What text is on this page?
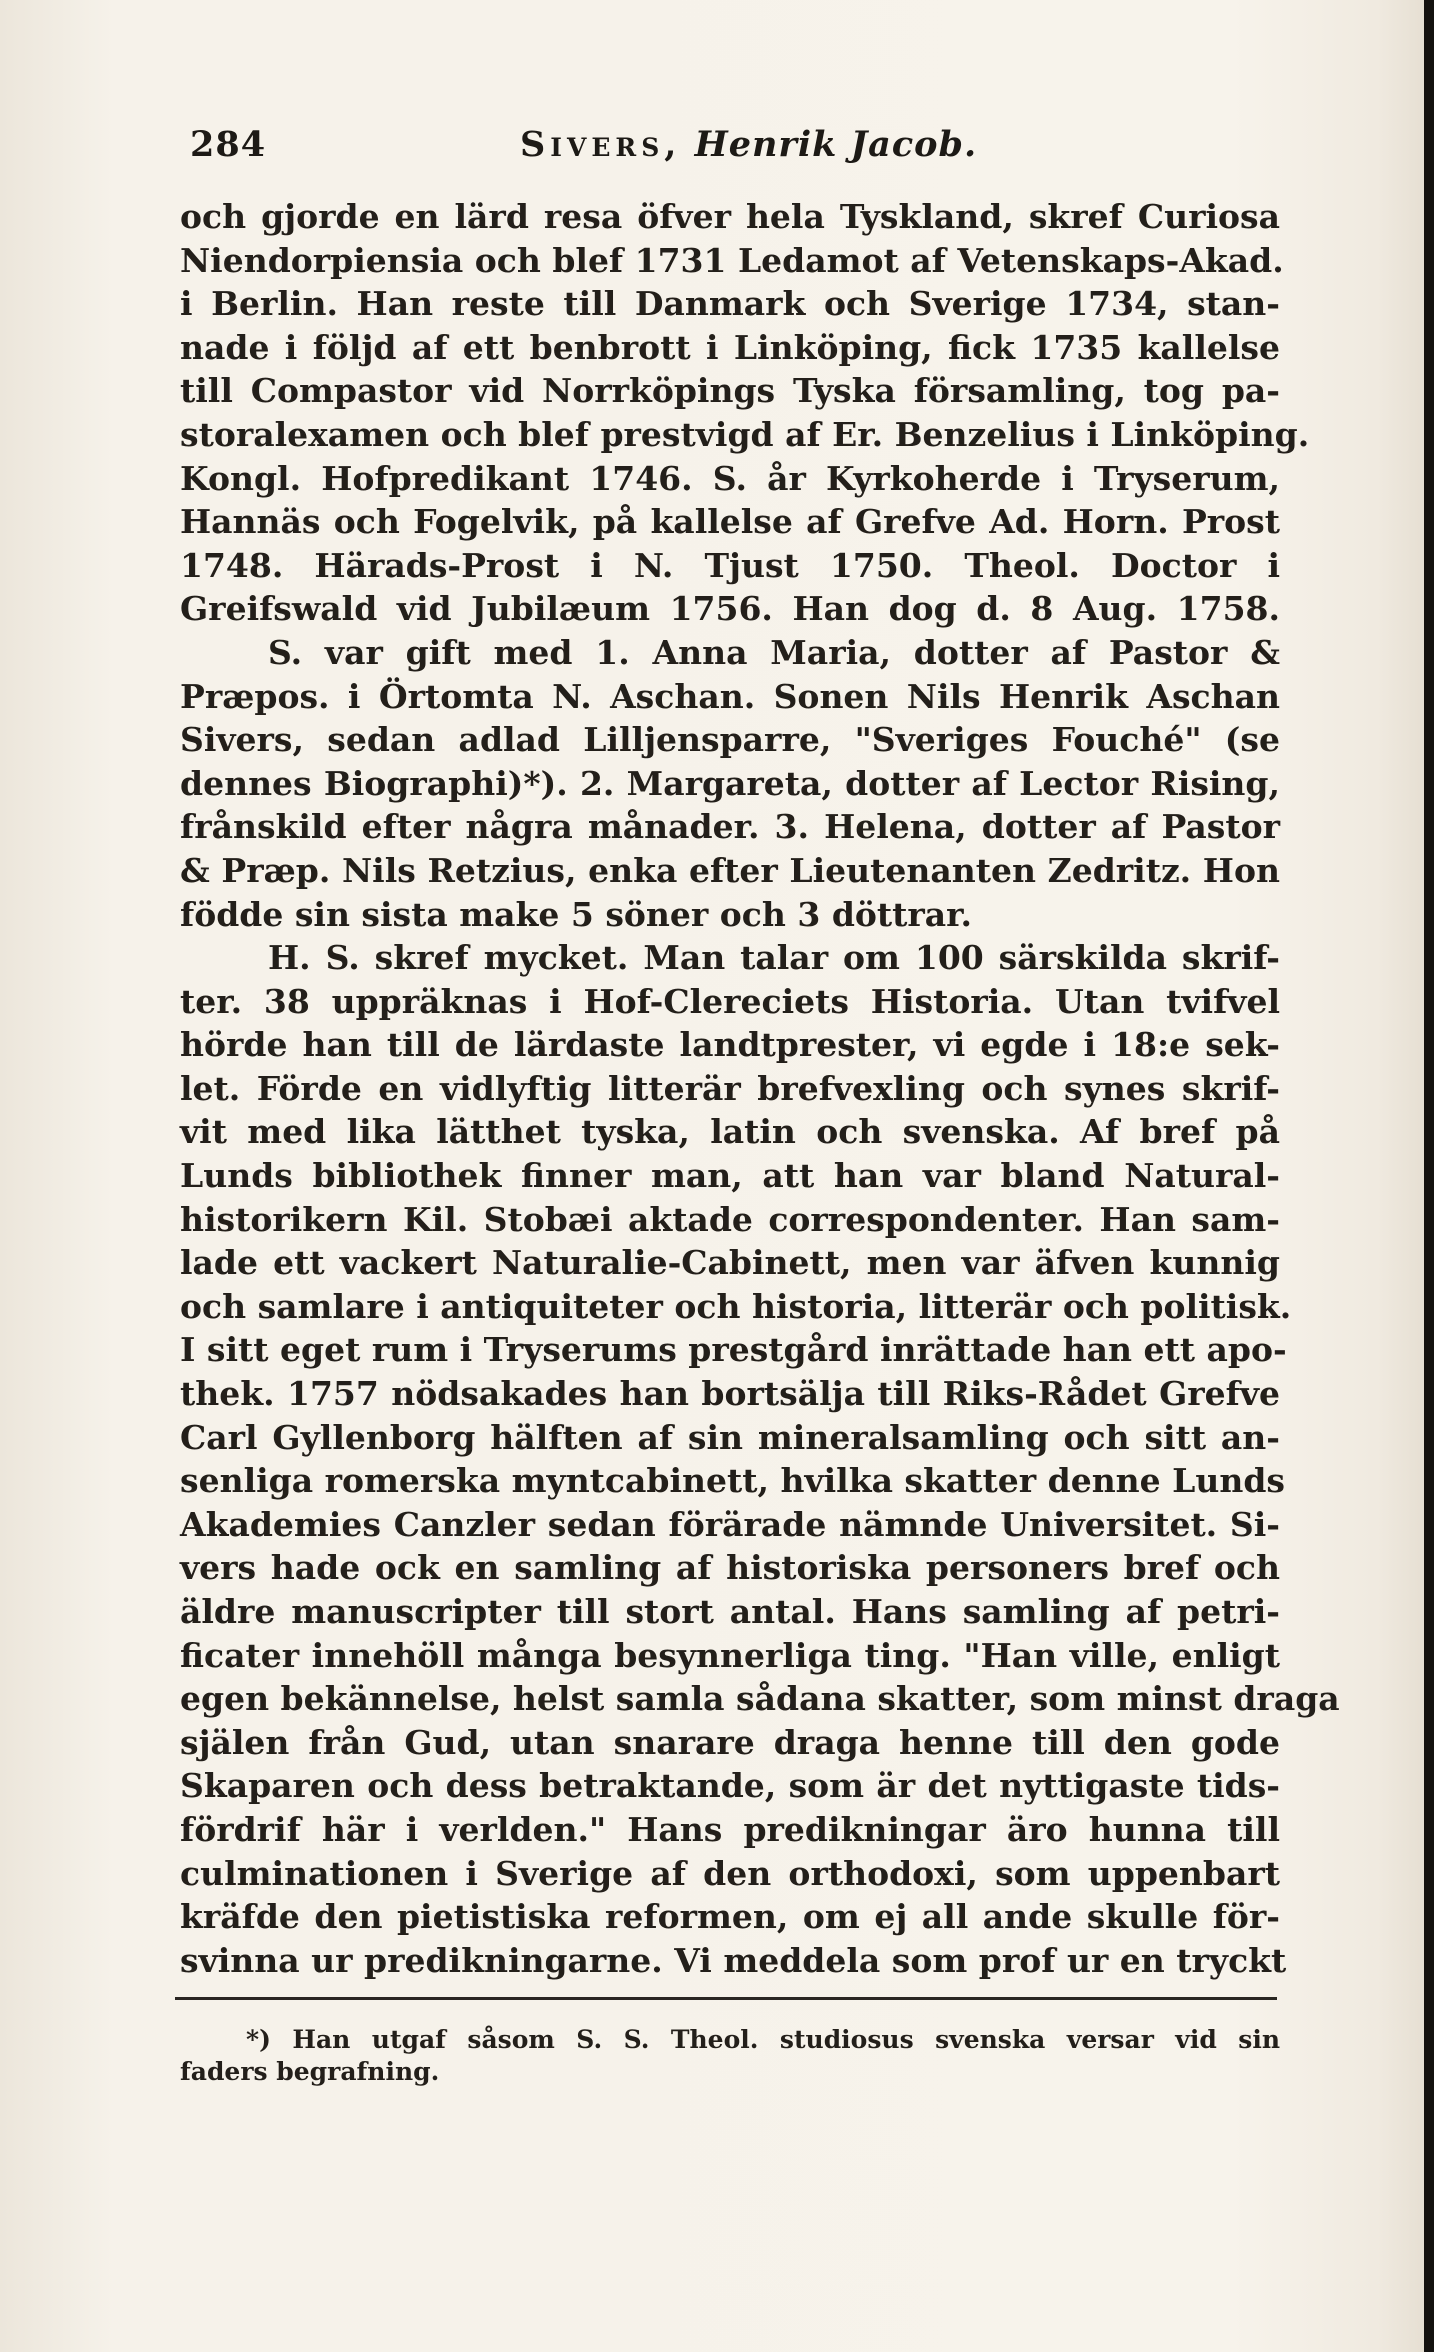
284	Sivers, Henrik Jacob.
och gjorde en lärd resa öfver hela Tyskland, skref Curiosa
Niendorpiensia och blef 1731 Ledamot af Vetenskaps-Akad.
i Berlin. Han reste till Danmark och Sverige 1734, stan-
nade i följd af ett benbrott i Linköping, fick 1735 kallelse
till Compastor vid Norrköpings Tyska församling, tog pa-
storalexamen och blef prestvigd af Er. Benzelius i Linköping.
Kongl. Hofpredikant 1746. S. år Kyrkoherde i Tryserum,
Hannäs och Fogelvik, på kallelse af Grefve Ad. Horn. Prost
1748. Härads-Prost i N. Tjust 1750. Theol. Doctor i
Greifswald vid Jubilæum 1756. Han dog d. 8 Aug. 1758.
S. var gift med 1. Anna Maria, dotter af Pastor &
Præpos. i Örtomta N. Aschan. Sonen Nils Henrik Aschan
Sivers, sedan adlad Lilljensparre, "Sveriges Fouché" (se
dennes Biographi)*). 2. Margareta, dotter af Lector Rising,
frånskild efter några månader. 3. Helena, dotter af Pastor
& Præp. Nils Retzius, enka efter Lieutenanten Zedritz. Hon
födde sin sista make 5 söner och 3 döttrar.
H. S. skref mycket. Man talar om 100 särskilda skrif-
ter. 38 uppräknas i Hof-Clereciets Historia. Utan tvifvel
hörde han till de lärdaste landtprester, vi egde i 18:e sek-
let. Förde en vidlyftig litterär brefvexling och synes skrif-
vit med lika lätthet tyska, latin och svenska. Af bref på
Lunds bibliothek finner man, att han var bland Natural-
historikern Kil. Stobæi aktade correspondenter. Han sam-
lade ett vackert Naturalie-Cabinett, men var äfven kunnig
och samlare i antiquiteter och historia, litterär och politisk.
I sitt eget rum i Tryserums prestgård inrättade han ett apo-
thek. 1757 nödsakades han bortsälja till Riks-Rådet Grefve
Carl Gyllenborg hälften af sin mineralsamling och sitt an-
senliga romerska myntcabinett, hvilka skatter denne Lunds
Akademies Canzler sedan förärade nämnde Universitet. Si-
vers hade ock en samling af historiska personers bref och
äldre manuscripter till stort antal. Hans samling af petri-
ficater innehöll många besynnerliga ting. "Han ville, enligt
egen bekännelse, helst samla sådana skatter, som minst draga
själen från Gud, utan snarare draga henne till den gode
Skaparen och dess betraktande, som är det nyttigaste tids-
fördrif här i verlden." Hans predikningar äro hunna till
culminationen i Sverige af den orthodoxi, som uppenbart
kräfde den pietistiska reformen, om ej all ande skulle för-
svinna ur predikningarne. Vi meddela som prof ur en tryckt
*) Han utgaf såsom S. S. Theol. studiosus svenska versar vid sin
faders begrafning.
